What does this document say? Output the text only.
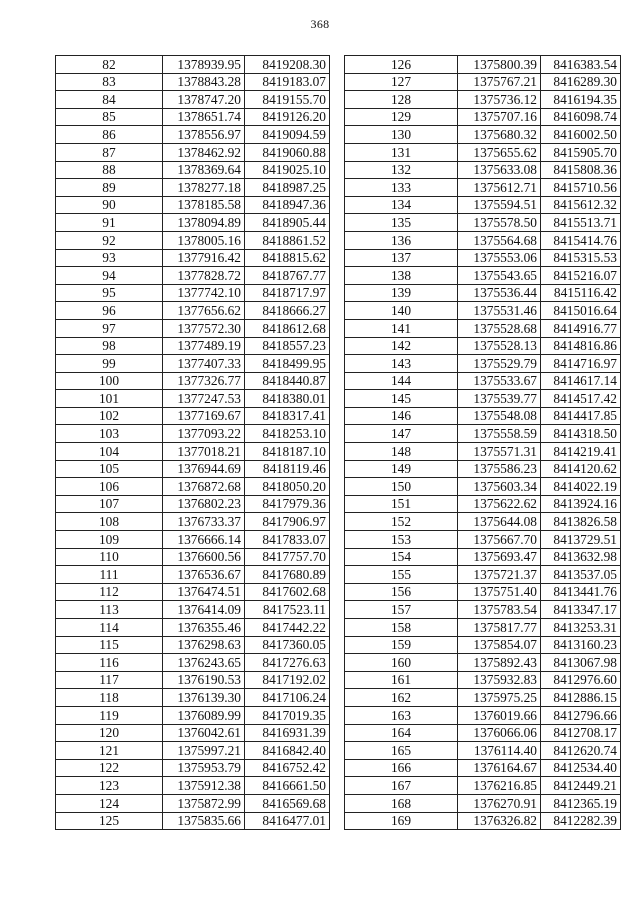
368
82	1378939.95	8419208.30
83	1378843.28	8419183.07
84	1378747.20	8419155.70
85	1378651.74	8419126.20
86	1378556.97	8419094.59
87	1378462.92	8419060.88
88	1378369.64	8419025.10
89	1378277.18	8418987.25
90	1378185.58	8418947.36
91	1378094.89	8418905.44
92	1378005.16	8418861.52
93	1377916.42	8418815.62
94	1377828.72	8418767.77
95	1377742.10	8418717.97
96	1377656.62	8418666.27
97	1377572.30	8418612.68
98	1377489.19	8418557.23
99	1377407.33	8418499.95
100	1377326.77	8418440.87
101	1377247.53	8418380.01
102	1377169.67	8418317.41
103	1377093.22	8418253.10
104	1377018.21	8418187.10
105	1376944.69	8418119.46
106	1376872.68	8418050.20
107	1376802.23	8417979.36
108	1376733.37	8417906.97
109	1376666.14	8417833.07
110	1376600.56	8417757.70
111	1376536.67	8417680.89
112	1376474.51	8417602.68
113	1376414.09	8417523.11
114	1376355.46	8417442.22
115	1376298.63	8417360.05
116	1376243.65	8417276.63
117	1376190.53	8417192.02
118	1376139.30	8417106.24
119	1376089.99	8417019.35
120	1376042.61	8416931.39
121	1375997.21	8416842.40
122	1375953.79	8416752.42
123	1375912.38	8416661.50
124	1375872.99	8416569.68
125	1375835.66	8416477.01
126	1375800.39	8416383.54
127	1375767.21	8416289.30
128	1375736.12	8416194.35
129	1375707.16	8416098.74
130	1375680.32	8416002.50
131	1375655.62	8415905.70
132	1375633.08	8415808.36
133	1375612.71	8415710.56
134	1375594.51	8415612.32
135	1375578.50	8415513.71
136	1375564.68	8415414.76
137	1375553.06	8415315.53
138	1375543.65	8415216.07
139	1375536.44	8415116.42
140	1375531.46	8415016.64
141	1375528.68	8414916.77
142	1375528.13	8414816.86
143	1375529.79	8414716.97
144	1375533.67	8414617.14
145	1375539.77	8414517.42
146	1375548.08	8414417.85
147	1375558.59	8414318.50
148	1375571.31	8414219.41
149	1375586.23	8414120.62
150	1375603.34	8414022.19
151	1375622.62	8413924.16
152	1375644.08	8413826.58
153	1375667.70	8413729.51
154	1375693.47	8413632.98
155	1375721.37	8413537.05
156	1375751.40	8413441.76
157	1375783.54	8413347.17
158	1375817.77	8413253.31
159	1375854.07	8413160.23
160	1375892.43	8413067.98
161	1375932.83	8412976.60
162	1375975.25	8412886.15
163	1376019.66	8412796.66
164	1376066.06	8412708.17
165	1376114.40	8412620.74
166	1376164.67	8412534.40
167	1376216.85	8412449.21
168	1376270.91	8412365.19
169	1376326.82	8412282.39
